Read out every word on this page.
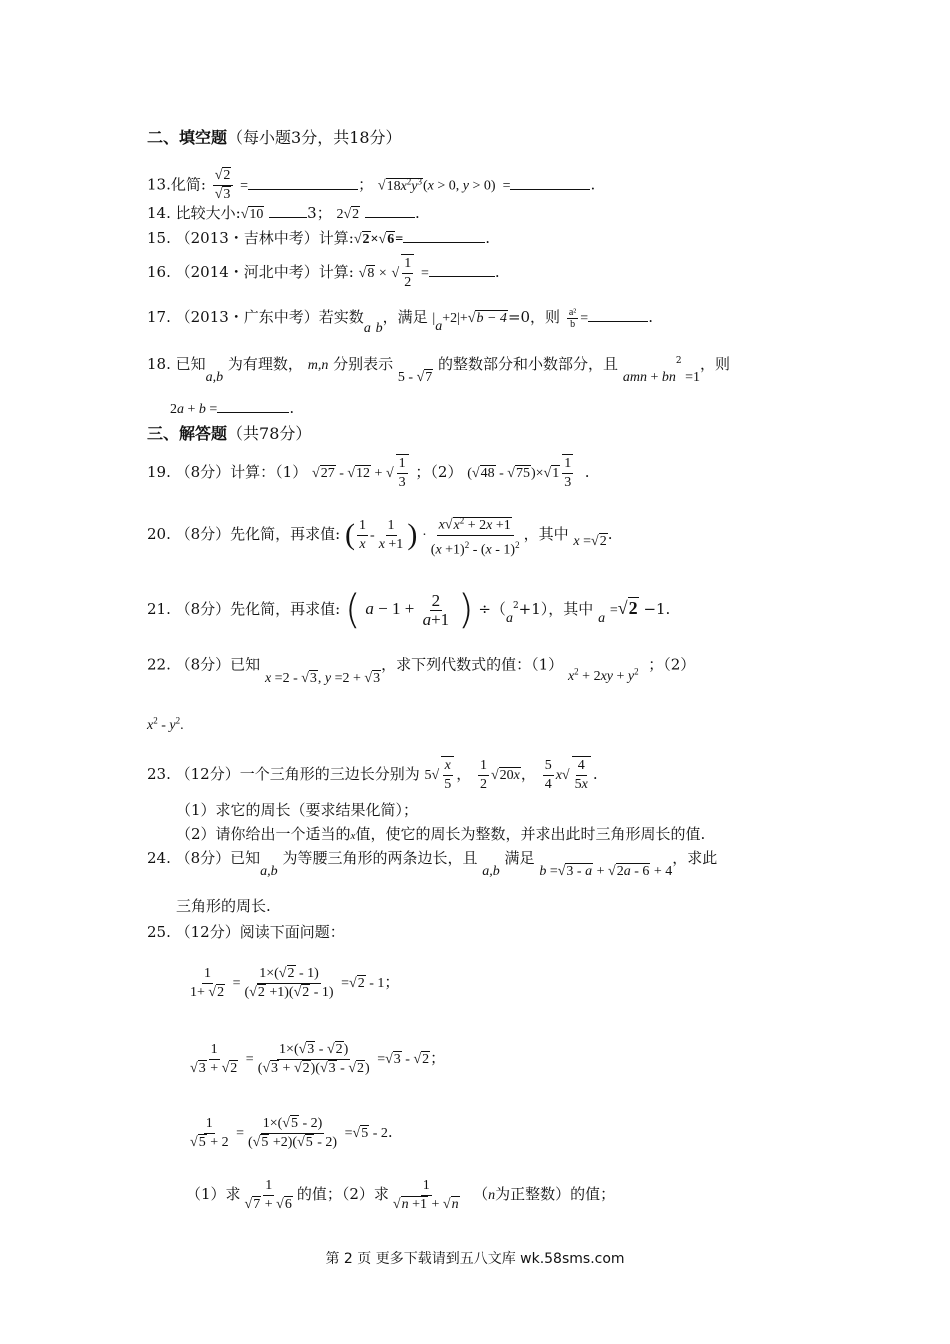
二、填空题（每小题3分，共18分）
13.化简: $\frac{√2}{√3}$ =	； $√18x^2y^3(x > 0$, y > 0)  =	.
14. 比较大小:√10	3； 2√2	.
15. （2013・吉林中考）计算:√2×√6=	.
16. （2014・河北中考）计算: √8 × √ $\frac{1}{2}$ =	.
17. （2013・广东中考）若实数a b，满足 |a+2|+√b − 4=0，则 $\frac{\text{a²}}{b}$ =	.
18. 已知a,b 为有理数， m,n 分别表示 5 - √7 的整数部分和小数部分，且 amn + $bn^2 =1$，则
2a + b =	.
三、解答题（共78分）
19. （8分）计算：（1） √27 - √12 + √ $\frac{1}{3}$ ；（2） $(√48 - √75)\times√1 \frac{1}{3}$ .
20. （8分）先化简，再求值: ( $\frac{1}{x} - \frac{1}{x +1}$ ) · $\frac{x√x^2 + 2x +1}{(x +1)^2 - (x - 1)^2}$ ，其中 x =√2.
21. （8分）先化简，再求值: ( $a - 1 + \frac{2}{a+1}$ ) $\div(a^2+1)$，其中 a =√2 −1.
22. （8分）已知 x =2 - √3, y =2 + √3，求下列代数式的值：（1） $x^2 + 2xy + y^2$ ；（2）
$x^2 - y^2$.
23. （12分）一个三角形的三边长分别为 $5√ \frac{x}{5}$ ， $\frac{1}{2} √20x$， $\frac{5}{4} x√ \frac{4}{5x}$ .
（1）求它的周长（要求结果化简）；
（2）请你给出一个适当的x值，使它的周长为整数，并求出此时三角形周长的值.
24. （8分）已知a,b 为等腰三角形的两条边长，且 a,b 满足 b =√3 - a + √2a - 6 + 4，求此
三角形的周长.
25. （12分）阅读下面问题：
$\frac{1}{1+ √2} = \frac{1\times(√2 - 1)}{(√2 +1)(√2 - 1)} =√2 - 1$；
$\frac{1}{√3 + √2} = \frac{1\times(√3 - √2)}{(√3 + √2)(√3 - √2)} =√3 - √2$；
$\frac{1}{√5 + 2} = \frac{1\times(√5 - 2)}{(√5 +2)(√5 - 2)} =√5 - 2$.
（1）求 $\frac{1}{√7 + √6}$ 的值；（2）求 $\frac{1}{√n +1 + √n} (n$为正整数）的值；
第 2 页 更多下载请到五八文库 wk.58sms.com
